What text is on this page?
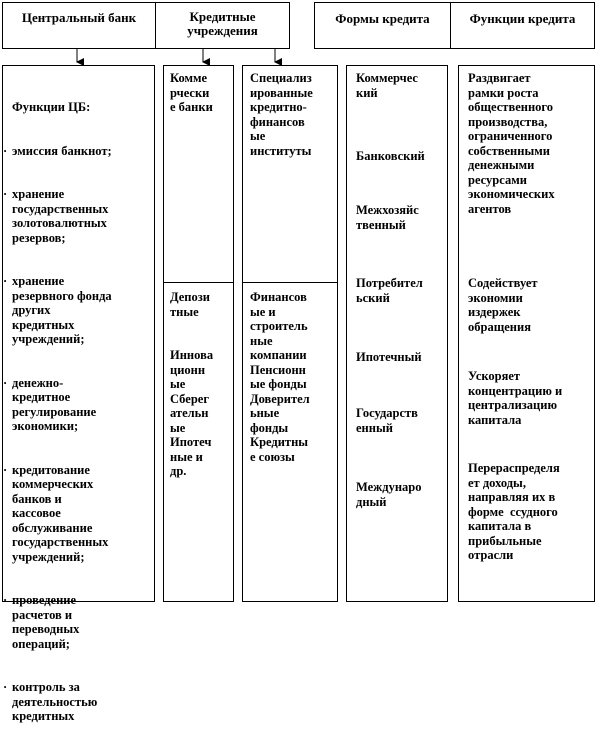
Центральный банк	Кредитные
учреждения
Формы кредита	Функции кредита

Функции ЦБ:

· эмиссия банкнот;

· хранение
государственных
золотовалютных
резервов;

· хранение
резервного фонда
других
кредитных
учреждений;

· денежно-
кредитное
регулирование
экономики;

· кредитование
коммерческих
банков и
кассовое
обслуживание
государственных
учреждений;

· проведение
расчетов и
переводных
операций;

· контроль за
деятельностью
кредитных

Комме
рчески
е банки
Депози
тные

Иннова
ционн
ые
Сберег
ательн
ые
Ипотеч
ные и
др.
Специализ
ированные
кредитно-
финансов
ые
институты
Финансов
ые и
строитель
ные
компании
Пенсионн
ые фонды
Доверител
ьные
фонды
Кредитны
е союзы
Коммерчес
кий
Банковский
Межхозяйс
твенный
Потребител
ьский
Ипотечный
Государств
енный
Междунаро
дный
Раздвигает
рамки роста
общественного
производства,
ограниченного
собственными
денежными
ресурсами
экономических
агентов
Содействует
экономии
издержек
обращения
Ускоряет
концентрацию и
централизацию
капитала
Перераспределя
ет доходы,
направляя их в
форме  ссудного
капитала в
прибыльные
отрасли
